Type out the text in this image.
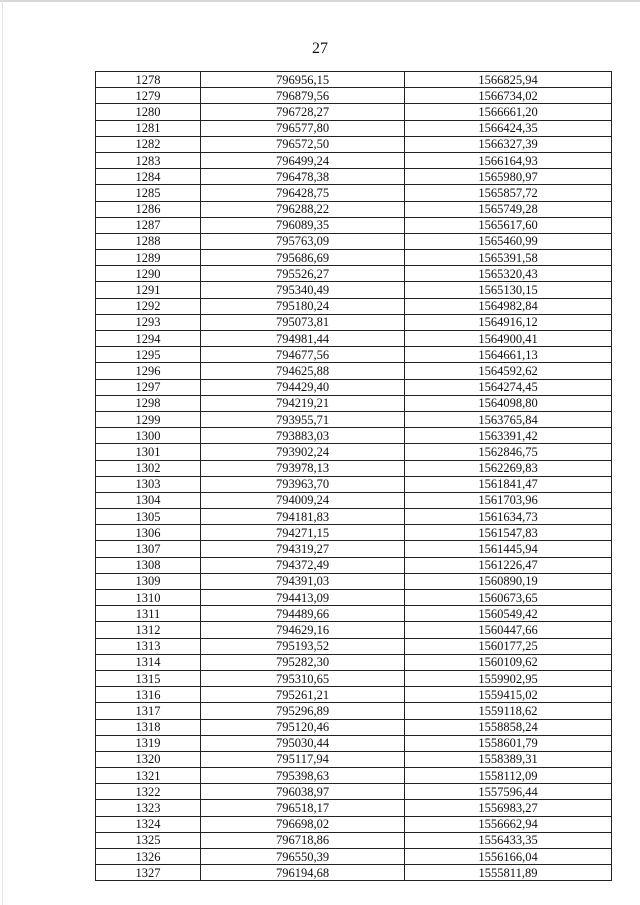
27
1278	796956,15	1566825,94
1279	796879,56	1566734,02
1280	796728,27	1566661,20
1281	796577,80	1566424,35
1282	796572,50	1566327,39
1283	796499,24	1566164,93
1284	796478,38	1565980,97
1285	796428,75	1565857,72
1286	796288,22	1565749,28
1287	796089,35	1565617,60
1288	795763,09	1565460,99
1289	795686,69	1565391,58
1290	795526,27	1565320,43
1291	795340,49	1565130,15
1292	795180,24	1564982,84
1293	795073,81	1564916,12
1294	794981,44	1564900,41
1295	794677,56	1564661,13
1296	794625,88	1564592,62
1297	794429,40	1564274,45
1298	794219,21	1564098,80
1299	793955,71	1563765,84
1300	793883,03	1563391,42
1301	793902,24	1562846,75
1302	793978,13	1562269,83
1303	793963,70	1561841,47
1304	794009,24	1561703,96
1305	794181,83	1561634,73
1306	794271,15	1561547,83
1307	794319,27	1561445,94
1308	794372,49	1561226,47
1309	794391,03	1560890,19
1310	794413,09	1560673,65
1311	794489,66	1560549,42
1312	794629,16	1560447,66
1313	795193,52	1560177,25
1314	795282,30	1560109,62
1315	795310,65	1559902,95
1316	795261,21	1559415,02
1317	795296,89	1559118,62
1318	795120,46	1558858,24
1319	795030,44	1558601,79
1320	795117,94	1558389,31
1321	795398,63	1558112,09
1322	796038,97	1557596,44
1323	796518,17	1556983,27
1324	796698,02	1556662,94
1325	796718,86	1556433,35
1326	796550,39	1556166,04
1327	796194,68	1555811,89
